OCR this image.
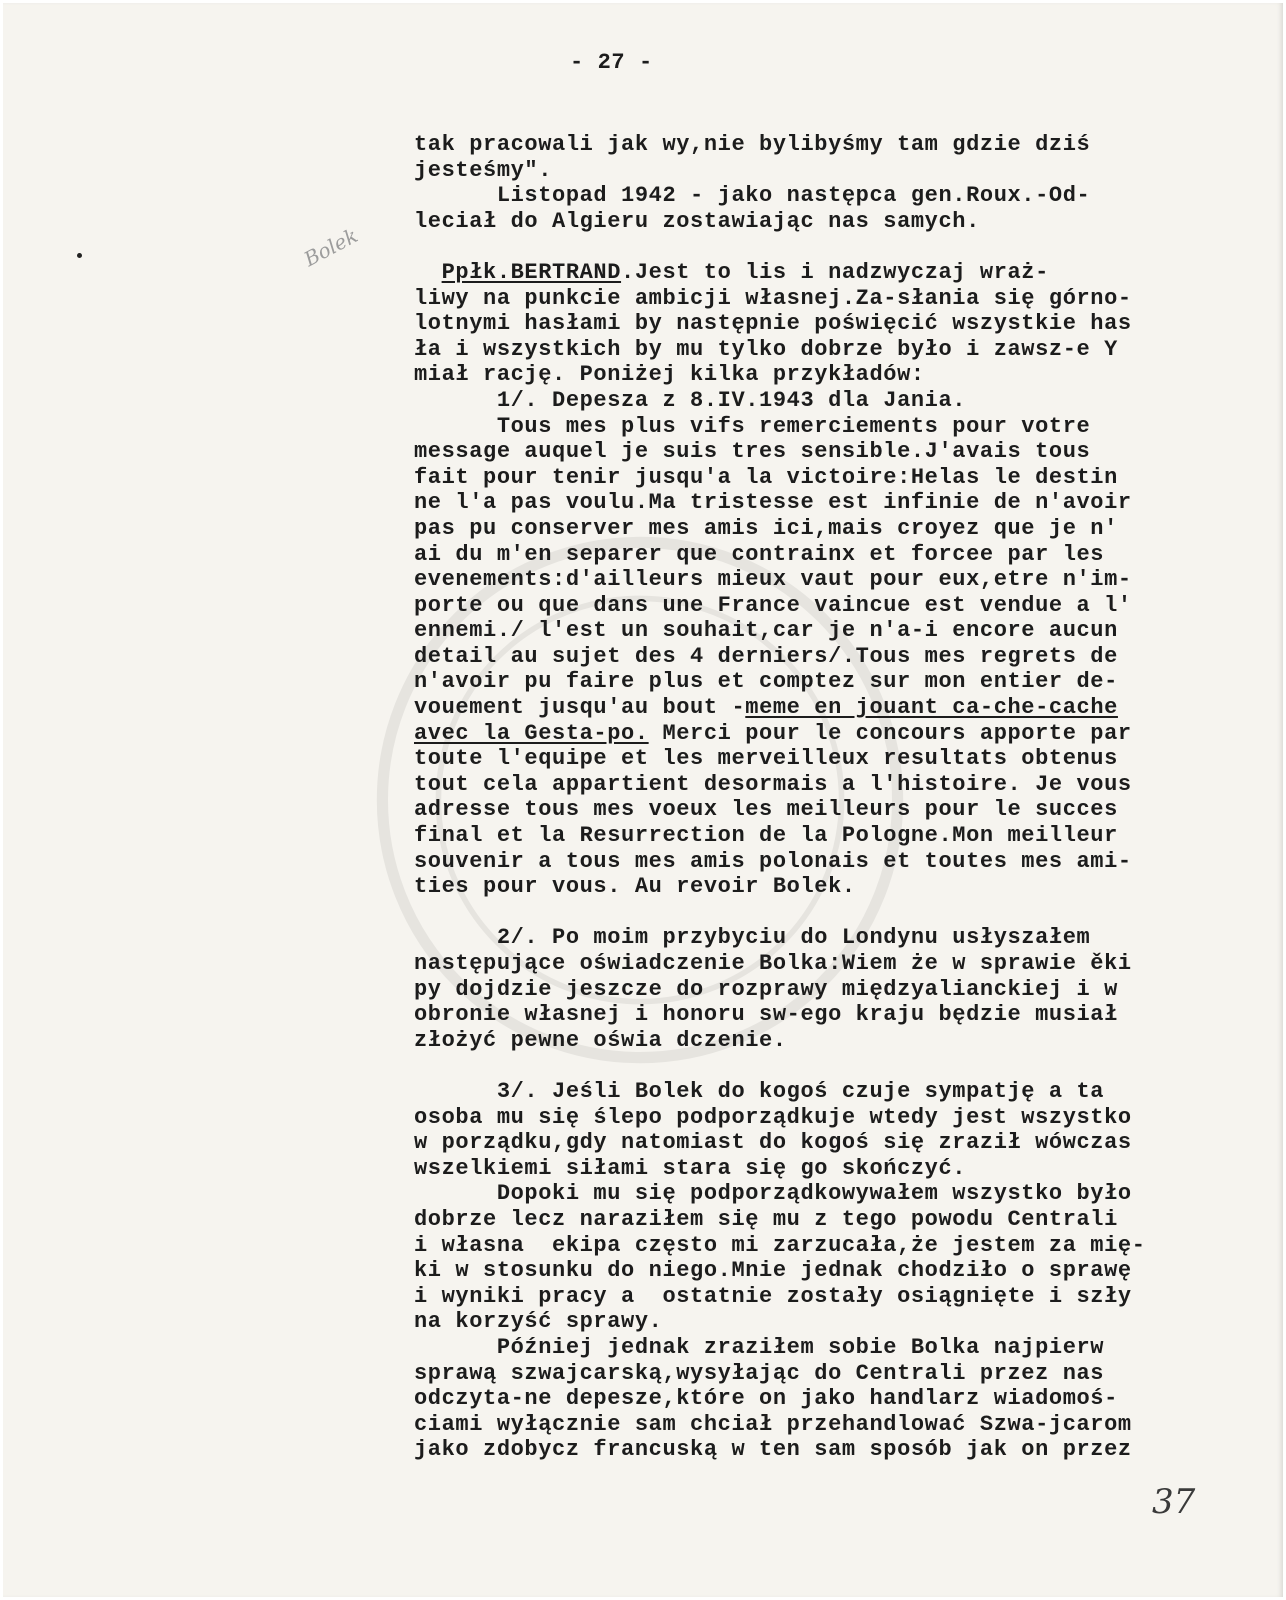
- 27 -
Bolek
tak pracowali jak wy,nie bylibyśmy tam gdzie dziś
jesteśmy".
Listopad 1942 - jako następca gen.Roux.-Od-
leciał do Algieru zostawiając nas samych.
Ppłk.BERTRAND.Jest to lis i nadzwyczaj wraż-
liwy na punkcie ambicji własnej.Za-słania się górno-
lotnymi hasłami by następnie poświęcić wszystkie has
ła i wszystkich by mu tylko dobrze było i zawsz-e Y
miał rację. Poniżej kilka przykładów:
1/. Depesza z 8.IV.1943 dla Jania.
Tous mes plus vifs remerciements pour votre
message auquel je suis tres sensible.J'avais tous
fait pour tenir jusqu'a la victoire:Helas le destin
ne l'a pas voulu.Ma tristesse est infinie de n'avoir
pas pu conserver mes amis ici,mais croyez que je n'
ai du m'en separer que contrainx et forcee par les
evenements:d'ailleurs mieux vaut pour eux,etre n'im-
porte ou que dans une France vaincue est vendue a l'
ennemi./ l'est un souhait,car je n'a-i encore aucun
detail au sujet des 4 derniers/.Tous mes regrets de
n'avoir pu faire plus et comptez sur mon entier de-
vouement jusqu'au bout -meme en jouant ca-che-cache
avec la Gesta-po. Merci pour le concours apporte par
toute l'equipe et les merveilleux resultats obtenus
tout cela appartient desormais a l'histoire. Je vous
adresse tous mes voeux les meilleurs pour le succes
final et la Resurrection de la Pologne.Mon meilleur
souvenir a tous mes amis polonais et toutes mes ami-
ties pour vous. Au revoir Bolek.
2/. Po moim przybyciu do Londynu usłyszałem
następujące oświadczenie Bolka:Wiem że w sprawie ěki
py dojdzie jeszcze do rozprawy międzyalianckiej i w
obronie własnej i honoru sw-ego kraju będzie musiał
złożyć pewne oświa dczenie.
3/. Jeśli Bolek do kogoś czuje sympatję a ta
osoba mu się ślepo podporządkuje wtedy jest wszystko
w porządku,gdy natomiast do kogoś się zraził wówczas
wszelkiemi siłami stara się go skończyć.
Dopoki mu się podporządkowywałem wszystko było
dobrze lecz naraziłem się mu z tego powodu Centrali
i własna  ekipa często mi zarzucała,że jestem za mię-
ki w stosunku do niego.Mnie jednak chodziło o sprawę
i wyniki pracy a  ostatnie zostały osiągnięte i szły
na korzyść sprawy.
Później jednak zraziłem sobie Bolka najpierw
sprawą szwajcarską,wysyłając do Centrali przez nas
odczyta-ne depesze,które on jako handlarz wiadomoś-
ciami wyłącznie sam chciał przehandlować Szwa-jcarom
jako zdobycz francuską w ten sam sposób jak on przez
37
